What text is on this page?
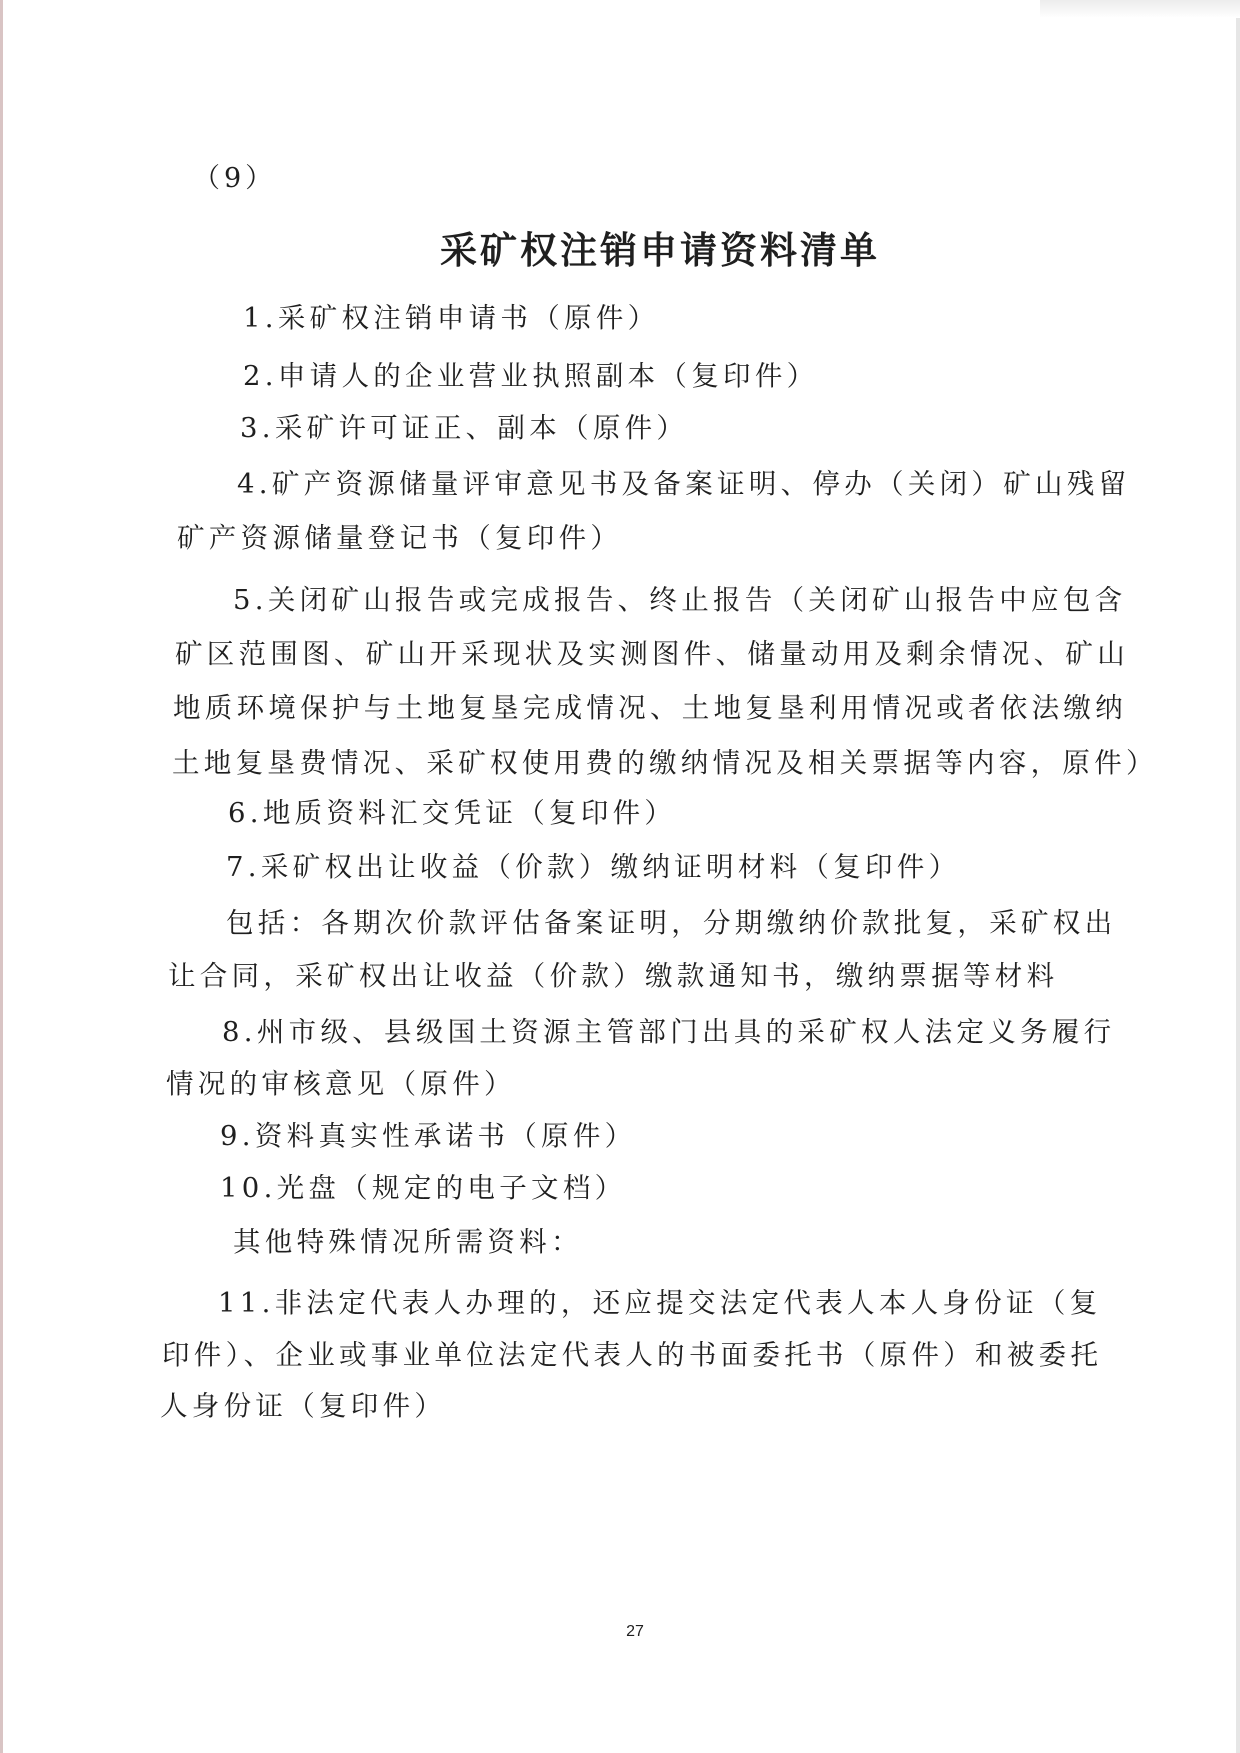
（9）
采矿权注销申请资料清单
1.采矿权注销申请书（原件）
2.申请人的企业营业执照副本（复印件）
3.采矿许可证正、副本（原件）
4.矿产资源储量评审意见书及备案证明、停办（关闭）矿山残留
矿产资源储量登记书（复印件）
5.关闭矿山报告或完成报告、终止报告（关闭矿山报告中应包含
矿区范围图、矿山开采现状及实测图件、储量动用及剩余情况、矿山
地质环境保护与土地复垦完成情况、土地复垦利用情况或者依法缴纳
土地复垦费情况、采矿权使用费的缴纳情况及相关票据等内容，原件）
6.地质资料汇交凭证（复印件）
7.采矿权出让收益（价款）缴纳证明材料（复印件）
包括：各期次价款评估备案证明，分期缴纳价款批复，采矿权出
让合同，采矿权出让收益（价款）缴款通知书，缴纳票据等材料
8.州市级、县级国土资源主管部门出具的采矿权人法定义务履行
情况的审核意见（原件）
9.资料真实性承诺书（原件）
10.光盘（规定的电子文档）
其他特殊情况所需资料：
11.非法定代表人办理的，还应提交法定代表人本人身份证（复
印件）、企业或事业单位法定代表人的书面委托书（原件）和被委托
人身份证（复印件）
27
